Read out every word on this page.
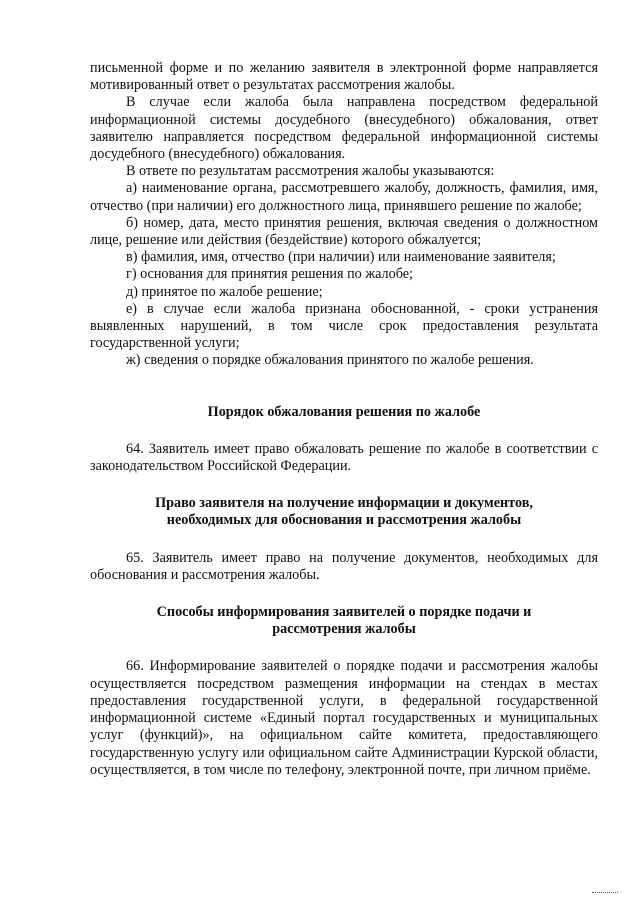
письменной форме и по желанию заявителя в электронной форме направляется мотивированный ответ о результатах рассмотрения жалобы.

В случае если жалоба была направлена посредством федеральной информационной системы досудебного (внесудебного) обжалования, ответ заявителю направляется посредством федеральной информационной системы досудебного (внесудебного) обжалования.

В ответе по результатам рассмотрения жалобы указываются:

а) наименование органа, рассмотревшего жалобу, должность, фамилия, имя, отчество (при наличии) его должностного лица, принявшего решение по жалобе;

б) номер, дата, место принятия решения, включая сведения о должностном лице, решение или действия (бездействие) которого обжалуется;

в) фамилия, имя, отчество (при наличии) или наименование заявителя;

г) основания для принятия решения по жалобе;

д) принятое по жалобе решение;

е) в случае если жалоба признана обоснованной, - сроки устранения выявленных нарушений, в том числе срок предоставления результата государственной услуги;

ж) сведения о порядке обжалования принятого по жалобе решения.

Порядок обжалования решения по жалобе

64. Заявитель имеет право обжаловать решение по жалобе в соответствии с законодательством Российской Федерации.

Право заявителя на получение информации и документов,

необходимых для обоснования и рассмотрения жалобы

65. Заявитель имеет право на получение документов, необходимых для обоснования и рассмотрения жалобы.

Способы информирования заявителей о порядке подачи и

рассмотрения жалобы

66. Информирование заявителей о порядке подачи и рассмотрения жалобы осуществляется посредством размещения информации на стендах в местах предоставления государственной услуги, в федеральной государственной информационной системе «Единый портал государственных и муниципальных услуг (функций)», на официальном сайте комитета, предоставляющего государственную услугу или официальном сайте Администрации Курской области, осуществляется, в том числе по телефону, электронной почте, при личном приёме.
